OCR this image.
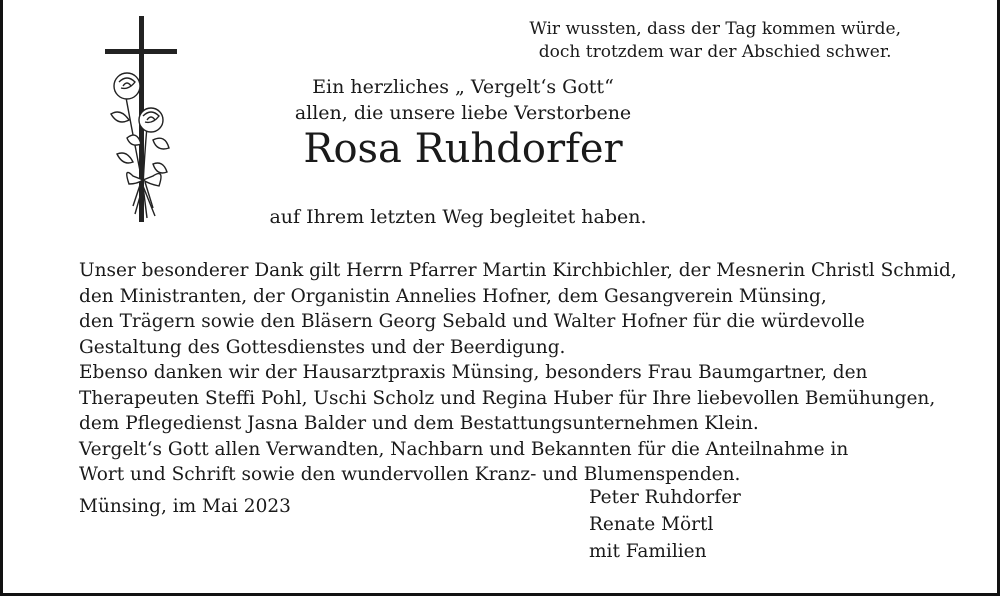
Wir wussten, dass der Tag kommen würde,
doch trotzdem war der Abschied schwer.
Ein herzliches „ Vergelt‘s Gott“
allen, die unsere liebe Verstorbene
Rosa Ruhdorfer
auf Ihrem letzten Weg begleitet haben.
Unser besonderer Dank gilt Herrn Pfarrer Martin Kirchbichler, der Mesnerin Christl Schmid,
den Ministranten, der Organistin Annelies Hofner, dem Gesangverein Münsing,
den Trägern sowie den Bläsern Georg Sebald und Walter Hofner für die würdevolle
Gestaltung des Gottesdienstes und der Beerdigung.
Ebenso danken wir der Hausarztpraxis Münsing, besonders Frau Baumgartner, den
Therapeuten Steffi Pohl, Uschi Scholz und Regina Huber für Ihre liebevollen Bemühungen,
dem Pflegedienst Jasna Balder und dem Bestattungsunternehmen Klein.
Vergelt‘s Gott allen Verwandten, Nachbarn und Bekannten für die Anteilnahme in
Wort und Schrift sowie den wundervollen Kranz- und Blumenspenden.
Münsing, im Mai 2023	Peter Ruhdorfer
Renate Mörtl
mit Familien
